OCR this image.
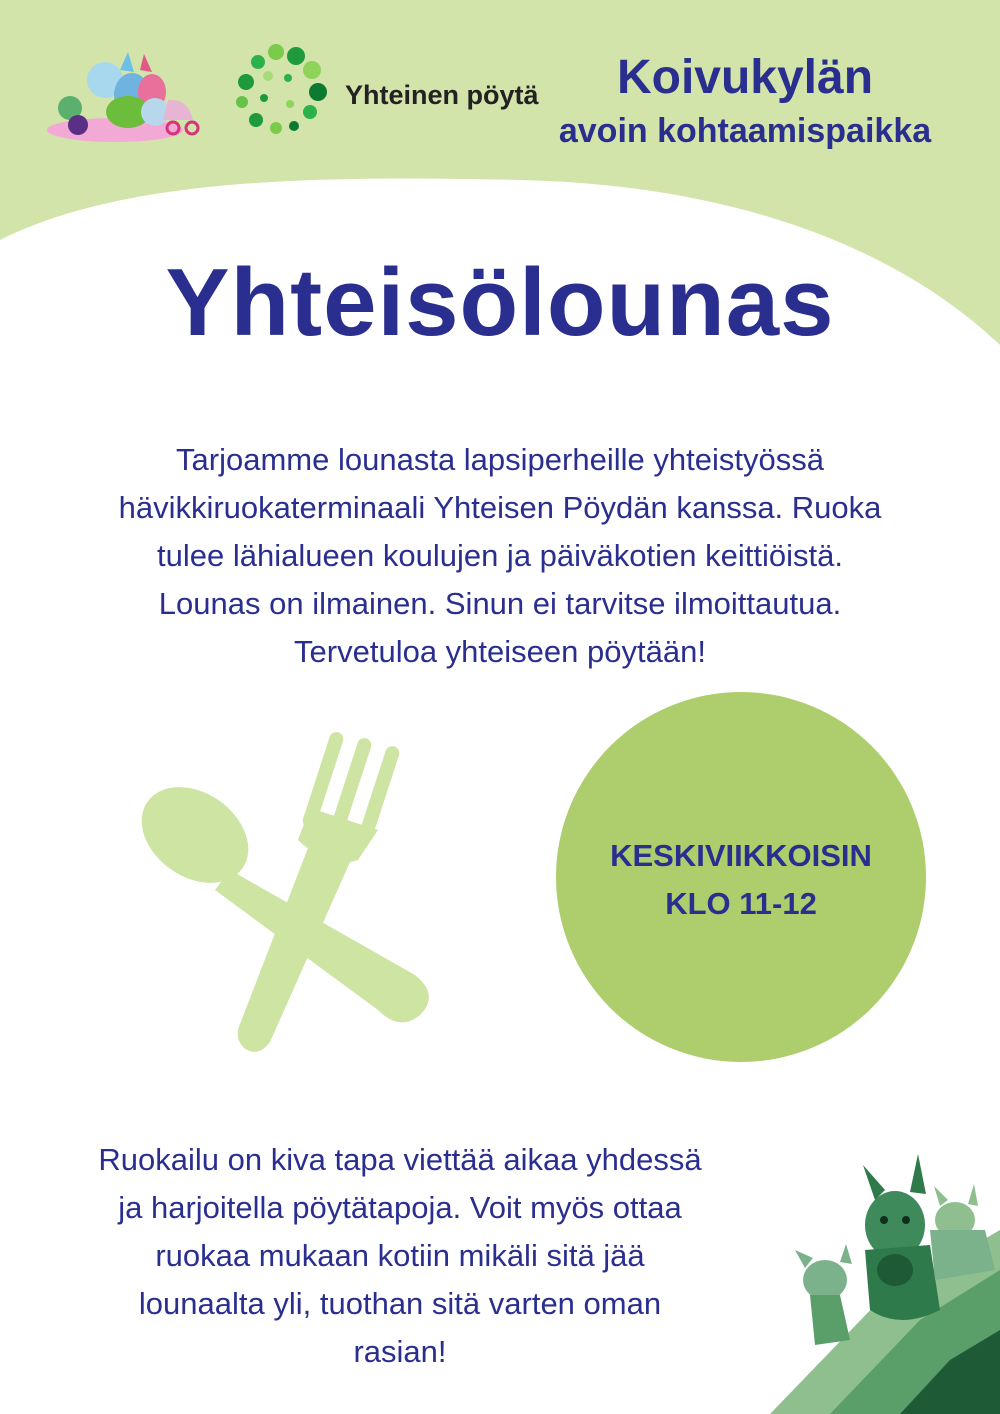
Yhteinen pöytä	Koivukylän
avoin kohtaamispaikka
Yhteisölounas
Tarjoamme lounasta lapsiperheille yhteistyössä
hävikkiruokaterminaali Yhteisen Pöydän kanssa. Ruoka
tulee lähialueen koulujen ja päiväkotien keittiöistä.
Lounas on ilmainen. Sinun ei tarvitse ilmoittautua.
Tervetuloa yhteiseen pöytään!
KESKIVIIKKOISIN
KLO 11-12
Ruokailu on kiva tapa viettää aikaa yhdessä
ja harjoitella pöytätapoja. Voit myös ottaa
ruokaa mukaan kotiin mikäli sitä jää
lounaalta yli, tuothan sitä varten oman
rasian!
